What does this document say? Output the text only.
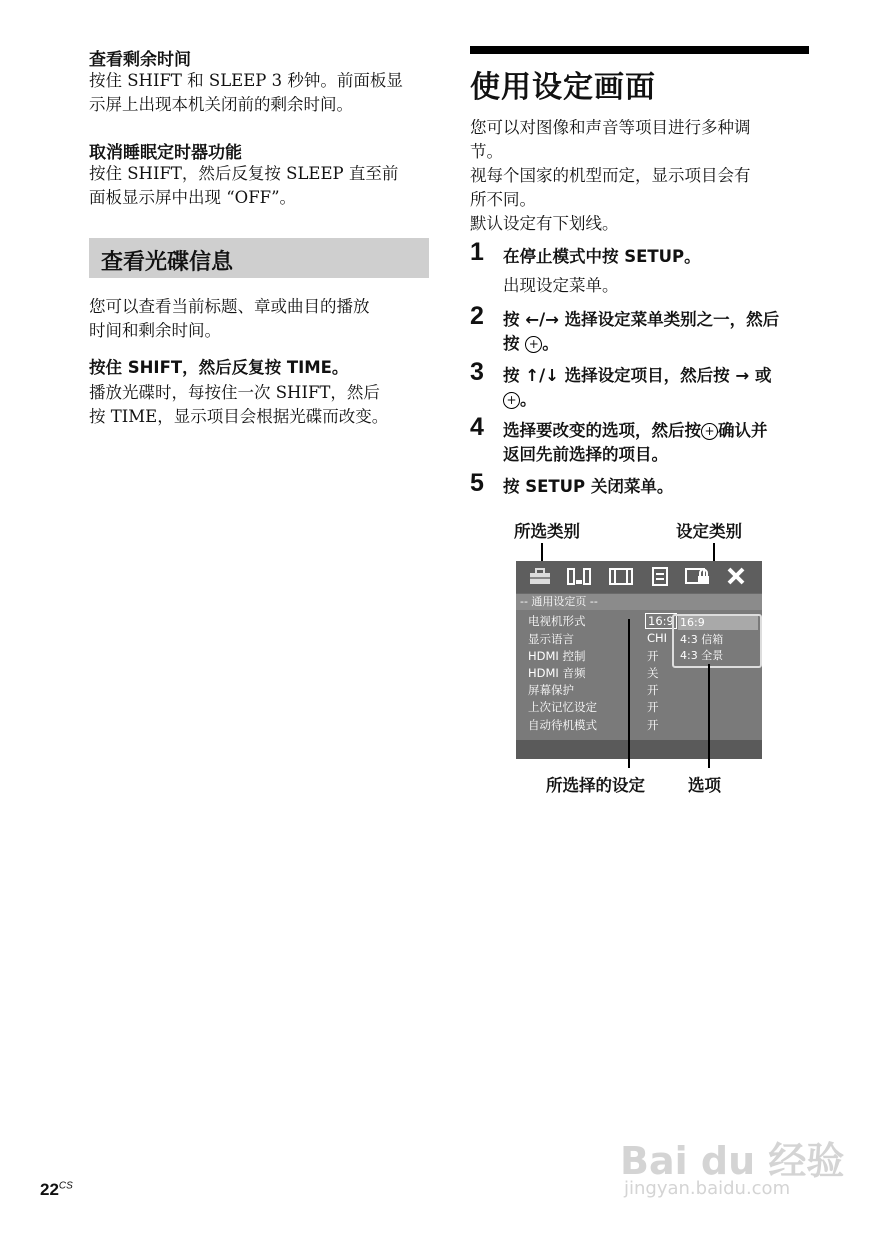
查看剩余时间
按住 SHIFT 和 SLEEP 3 秒钟。前面板显
示屏上出现本机关闭前的剩余时间。
取消睡眠定时器功能
按住 SHIFT，然后反复按 SLEEP 直至前
面板显示屏中出现 “OFF”。
查看光碟信息
您可以查看当前标题、章或曲目的播放
时间和剩余时间。
按住 SHIFT，然后反复按 TIME。
播放光碟时，每按住一次 SHIFT，然后
按 TIME，显示项目会根据光碟而改变。
使用设定画面
您可以对图像和声音等项目进行多种调
节。
视每个国家的机型而定，显示项目会有
所不同。
默认设定有下划线。
1 在停止模式中按 SETUP。
出现设定菜单。
2 按 ←/→ 选择设定菜单类别之一，然后
按 + 。
3 按 ↑/↓ 选择设定项目，然后按 → 或
+ 。
4 选择要改变的选项，然后按 + 确认并
返回先前选择的项目。
5 按 SETUP 关闭菜单。
所选类别	设定类别
-- 通用设定页 --
电视机形式
显示语言
HDMI 控制
HDMI 音频
屏幕保护
上次记忆设定
自动待机模式
16:9
CHI
开
关
开
开
开
16:9
4:3 信箱
4:3 全景
所选择的设定	选项
$22^{CS}$
Bai du 经验
jingyan.baidu.com
